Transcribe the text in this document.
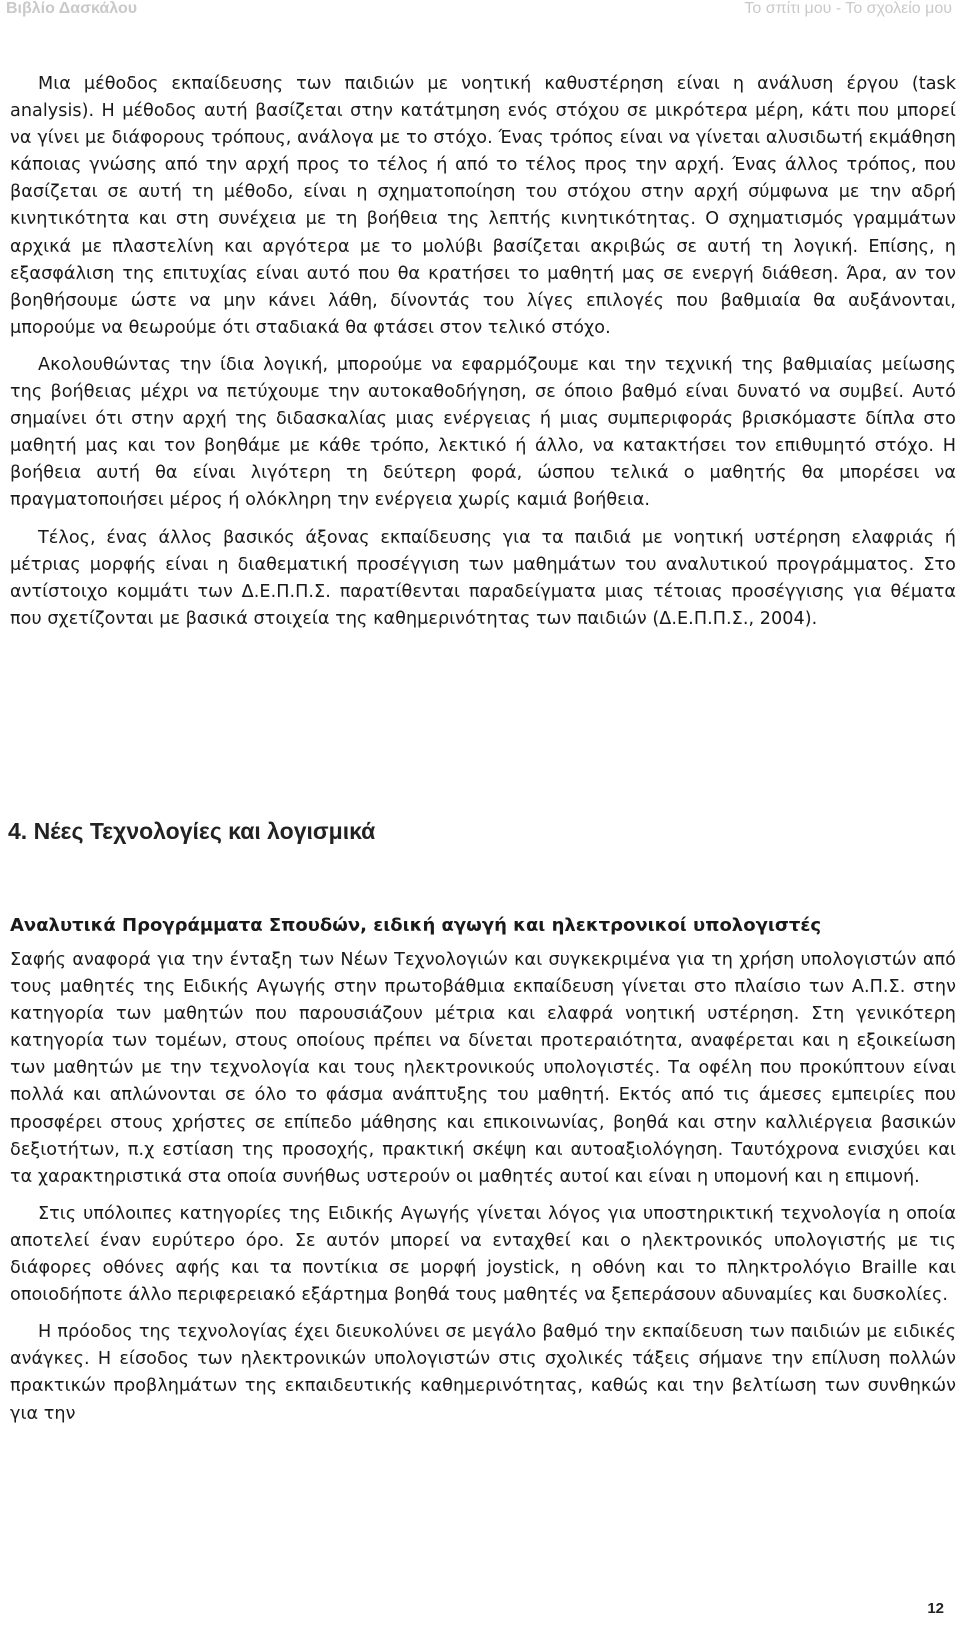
Βιβλίο Δασκάλου	Το σπίτι μου - Το σχολείο μου

Μια μέθοδος εκπαίδευσης των παιδιών με νοητική καθυστέρηση είναι η ανάλυση έργου (task analysis). Η μέθοδος αυτή βασίζεται στην κατάτμηση ενός στόχου σε μικρότερα μέρη, κάτι που μπορεί να γίνει με διάφορους τρόπους, ανάλογα με το στόχο. Ένας τρόπος είναι να γίνεται αλυσιδωτή εκμάθηση κάποιας γνώσης από την αρχή προς το τέλος ή από το τέλος προς την αρχή. Ένας άλλος τρόπος, που βασίζεται σε αυτή τη μέθοδο, είναι η σχηματοποίηση του στόχου στην αρχή σύμφωνα με την αδρή κινητικότητα και στη συνέχεια με τη βοήθεια της λεπτής κινητικότητας. Ο σχηματισμός γραμμάτων αρχικά με πλαστελίνη και αργότερα με το μολύβι βασίζεται ακριβώς σε αυτή τη λογική. Επίσης, η εξασφάλιση της επιτυχίας είναι αυτό που θα κρατήσει το μαθητή μας σε ενεργή διάθεση. Άρα, αν τον βοηθήσουμε ώστε να μην κάνει λάθη, δίνοντάς του λίγες επιλογές που βαθμιαία θα αυξάνονται, μπορούμε να θεωρούμε ότι σταδιακά θα φτάσει στον τελικό στόχο.

Ακολουθώντας την ίδια λογική, μπορούμε να εφαρμόζουμε και την τεχνική της βαθμιαίας μείωσης της βοήθειας μέχρι να πετύχουμε την αυτοκαθοδήγηση, σε όποιο βαθμό είναι δυνατό να συμβεί. Αυτό σημαίνει ότι στην αρχή της διδασκαλίας μιας ενέργειας ή μιας συμπεριφοράς βρισκόμαστε δίπλα στο μαθητή μας και τον βοηθάμε με κάθε τρόπο, λεκτικό ή άλλο, να κατακτήσει τον επιθυμητό στόχο. Η βοήθεια αυτή θα είναι λιγότερη τη δεύτερη φορά, ώσπου τελικά ο μαθητής θα μπορέσει να πραγματοποιήσει μέρος ή ολόκληρη την ενέργεια χωρίς καμιά βοήθεια.

Τέλος, ένας άλλος βασικός άξονας εκπαίδευσης για τα παιδιά με νοητική υστέρηση ελαφριάς ή μέτριας μορφής είναι η διαθεματική προσέγγιση των μαθημάτων του αναλυτικού προγράμματος. Στο αντίστοιχο κομμάτι των Δ.Ε.Π.Π.Σ. παρατίθενται παραδείγματα μιας τέτοιας προσέγγισης για θέματα που σχετίζονται με βασικά στοιχεία της καθημερινότητας των παιδιών (Δ.Ε.Π.Π.Σ., 2004).

4. Νέες Τεχνολογίες και λογισμικά
Αναλυτικά Προγράμματα Σπουδών, ειδική αγωγή και ηλεκτρονικοί υπολογιστές

Σαφής αναφορά για την ένταξη των Νέων Τεχνολογιών και συγκεκριμένα για τη χρήση υπολογιστών από τους μαθητές της Ειδικής Αγωγής στην πρωτοβάθμια εκπαίδευση γίνεται στο πλαίσιο των Α.Π.Σ. στην κατηγορία των μαθητών που παρουσιάζουν μέτρια και ελαφρά νοητική υστέρηση. Στη γενικότερη κατηγορία των τομέων, στους οποίους πρέπει να δίνεται προτεραιότητα, αναφέρεται και η εξοικείωση των μαθητών με την τεχνολογία και τους ηλεκτρονικούς υπολογιστές. Τα οφέλη που προκύπτουν είναι πολλά και απλώνονται σε όλο το φάσμα ανάπτυξης του μαθητή. Εκτός από τις άμεσες εμπειρίες που προσφέρει στους χρήστες σε επίπεδο μάθησης και επικοινωνίας, βοηθά και στην καλλιέργεια βασικών δεξιοτήτων, π.χ εστίαση της προσοχής, πρακτική σκέψη και αυτοαξιολόγηση. Ταυτόχρονα ενισχύει και τα χαρακτηριστικά στα οποία συνήθως υστερούν οι μαθητές αυτοί και είναι η υπομονή και η επιμονή.

Στις υπόλοιπες κατηγορίες της Ειδικής Αγωγής γίνεται λόγος για υποστηρικτική τεχνολογία η οποία αποτελεί έναν ευρύτερο όρο. Σε αυτόν μπορεί να ενταχθεί και ο ηλεκτρονικός υπολογιστής με τις διάφορες οθόνες αφής και τα ποντίκια σε μορφή joystick, η οθόνη και το πληκτρολόγιο Braille και οποιοδήποτε άλλο περιφερειακό εξάρτημα βοηθά τους μαθητές να ξεπεράσουν αδυναμίες και δυσκολίες.

Η πρόοδος της τεχνολογίας έχει διευκολύνει σε μεγάλο βαθμό την εκπαίδευση των παιδιών με ειδικές ανάγκες. Η είσοδος των ηλεκτρονικών υπολογιστών στις σχολικές τάξεις σήμανε την επίλυση πολλών πρακτικών προβλημάτων της εκπαιδευτικής καθημερινότητας, καθώς και την βελτίωση των συνθηκών για την

12
